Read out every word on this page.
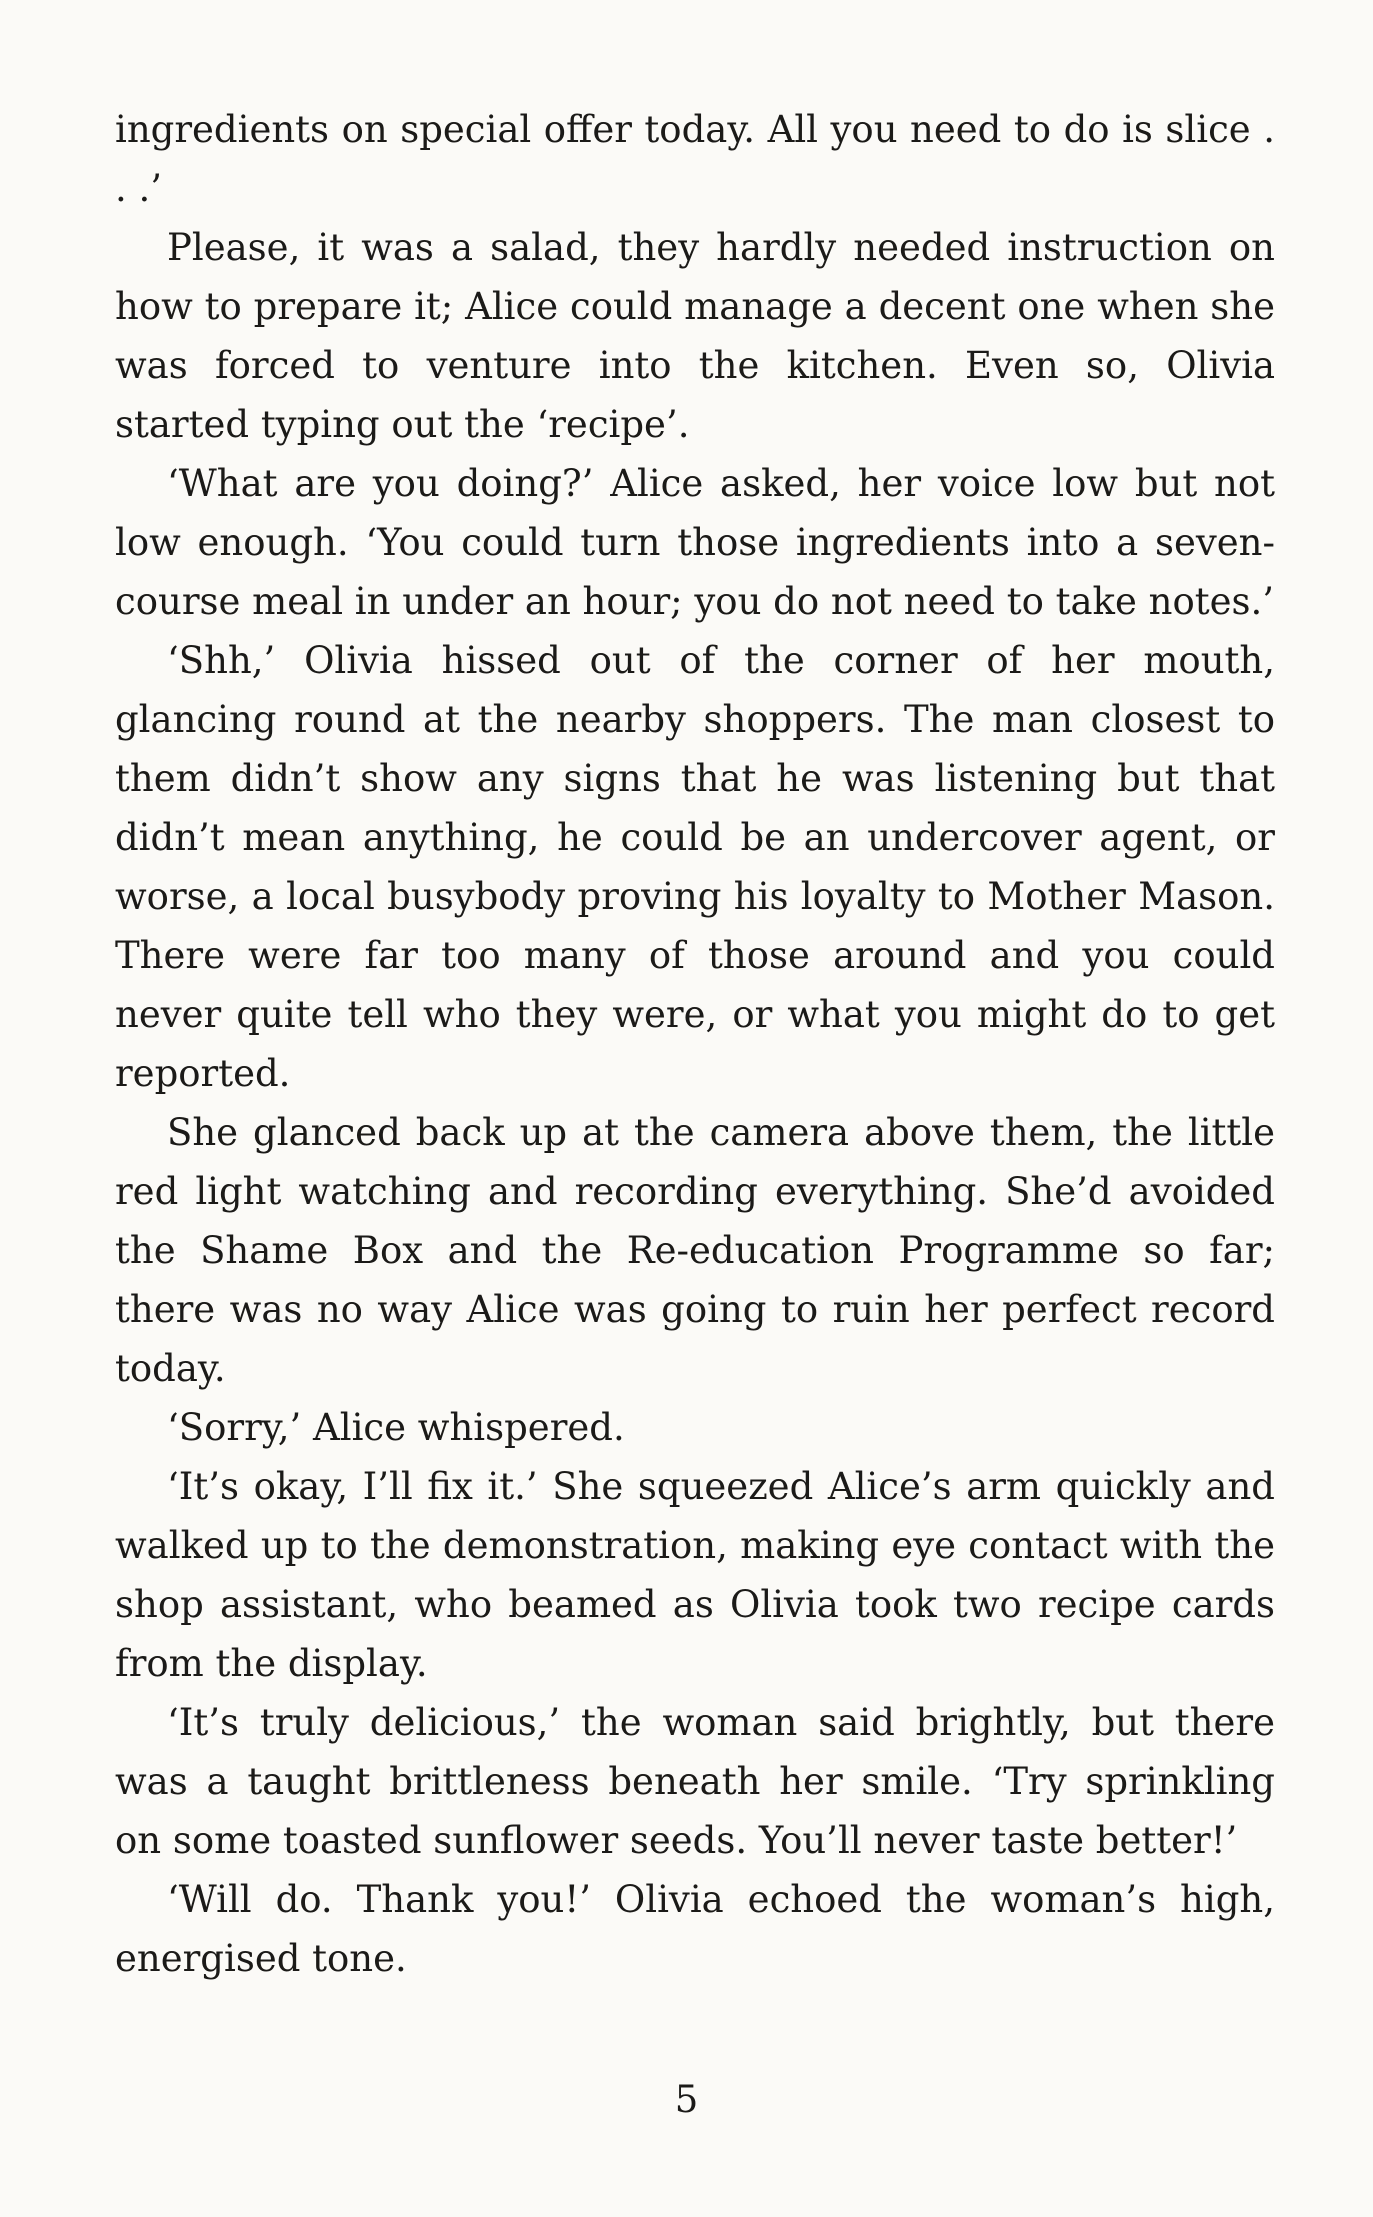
ingredients on special offer today. All you need to do is slice . . .’

Please, it was a salad, they hardly needed instruction on how to prepare it; Alice could manage a decent one when she was forced to venture into the kitchen. Even so, Olivia started typing out the ‘recipe’.

‘What are you doing?’ Alice asked, her voice low but not low enough. ‘You could turn those ingredients into a seven-course meal in under an hour; you do not need to take notes.’

‘Shh,’ Olivia hissed out of the corner of her mouth, glancing round at the nearby shoppers. The man closest to them didn’t show any signs that he was listening but that didn’t mean anything, he could be an undercover agent, or worse, a local busybody proving his loyalty to Mother Mason. There were far too many of those around and you could never quite tell who they were, or what you might do to get reported.

She glanced back up at the camera above them, the little red light watching and recording everything. She’d avoided the Shame Box and the Re-education Programme so far; there was no way Alice was going to ruin her perfect record today.

‘Sorry,’ Alice whispered.

‘It’s okay, I’ll fix it.’ She squeezed Alice’s arm quickly and walked up to the demonstration, making eye contact with the shop assistant, who beamed as Olivia took two recipe cards from the display.

‘It’s truly delicious,’ the woman said brightly, but there was a taught brittleness beneath her smile. ‘Try sprinkling on some toasted sunflower seeds. You’ll never taste better!’

‘Will do. Thank you!’ Olivia echoed the woman’s high, energised tone.

5
